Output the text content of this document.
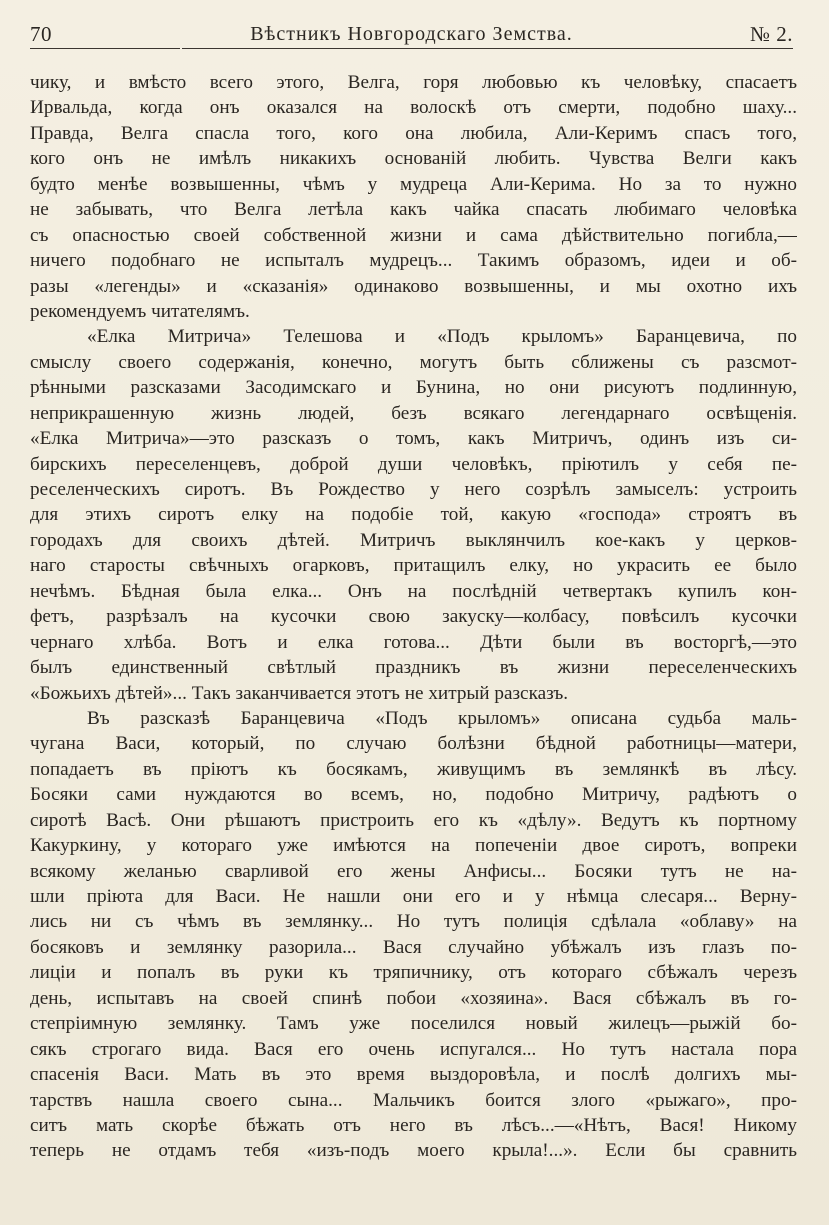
70	Вѣстникъ Новгородскаго Земства.	№ 2.
чику, и вмѣсто всего этого, Велга, горя любовью къ человѣку, спасаетъ
Ирвальда, когда онъ оказался на волоскѣ отъ смерти, подобно шаху...
Правда, Велга спасла того, кого она любила, Али-Керимъ спасъ того,
кого онъ не имѣлъ никакихъ основаній любить. Чувства Велги какъ
будто менѣе возвышенны, чѣмъ у мудреца Али-Керима. Но за то нужно
не забывать, что Велга летѣла какъ чайка спасать любимаго человѣка
съ опасностью своей собственной жизни и сама дѣйствительно погибла,—
ничего подобнаго не испыталъ мудрецъ... Такимъ образомъ, идеи и об-
разы «легенды» и «сказанія» одинаково возвышенны, и мы охотно ихъ
рекомендуемъ читателямъ.
«Елка Митрича» Телешова и «Подъ крыломъ» Баранцевича, по
смыслу своего содержанія, конечно, могутъ быть сближены съ разсмот-
рѣнными разсказами Засодимскаго и Бунина, но они рисуютъ подлинную,
неприкрашенную жизнь людей, безъ всякаго легендарнаго освѣщенія.
«Елка Митрича»—это разсказъ о томъ, какъ Митричъ, одинъ изъ си-
бирскихъ переселенцевъ, доброй души человѣкъ, пріютилъ у себя пе-
реселенческихъ сиротъ. Въ Рождество у него созрѣлъ замыселъ: устроить
для этихъ сиротъ елку на подобіе той, какую «господа» строятъ въ
городахъ для своихъ дѣтей. Митричъ выклянчилъ кое-какъ у церков-
наго старосты свѣчныхъ огарковъ, притащилъ елку, но украсить ее было
нечѣмъ. Бѣдная была елка... Онъ на послѣдній четвертакъ купилъ кон-
фетъ, разрѣзалъ на кусочки свою закуску—колбасу, повѣсилъ кусочки
чернаго хлѣба. Вотъ и елка готова... Дѣти были въ восторгѣ,—это
былъ единственный свѣтлый праздникъ въ жизни переселенческихъ
«Божьихъ дѣтей»... Такъ заканчивается этотъ не хитрый разсказъ.
Въ разсказѣ Баранцевича «Подъ крыломъ» описана судьба маль-
чугана Васи, который, по случаю болѣзни бѣдной работницы—матери,
попадаетъ въ пріютъ къ босякамъ, живущимъ въ землянкѣ въ лѣсу.
Босяки сами нуждаются во всемъ, но, подобно Митричу, радѣютъ о
сиротѣ Васѣ. Они рѣшаютъ пристроить его къ «дѣлу». Ведутъ къ портному
Какуркину, у котораго уже имѣются на попеченіи двое сиротъ, вопреки
всякому желанью сварливой его жены Анфисы... Босяки тутъ не на-
шли пріюта для Васи. Не нашли они его и у нѣмца слесаря... Верну-
лись ни съ чѣмъ въ землянку... Но тутъ полиція сдѣлала «облаву» на
босяковъ и землянку разорила... Вася случайно убѣжалъ изъ глазъ по-
лиціи и попалъ въ руки къ тряпичнику, отъ котораго сбѣжалъ черезъ
день, испытавъ на своей спинѣ побои «хозяина». Вася сбѣжалъ въ го-
степріимную землянку. Тамъ уже поселился новый жилецъ—рыжій бо-
сякъ строгаго вида. Вася его очень испугался... Но тутъ настала пора
спасенія Васи. Мать въ это время выздоровѣла, и послѣ долгихъ мы-
тарствъ нашла своего сына... Мальчикъ боится злого «рыжаго», про-
ситъ мать скорѣе бѣжать отъ него въ лѣсъ...—«Нѣтъ, Вася! Никому
теперь не отдамъ тебя «изъ-подъ моего крыла!...». Если бы сравнить
